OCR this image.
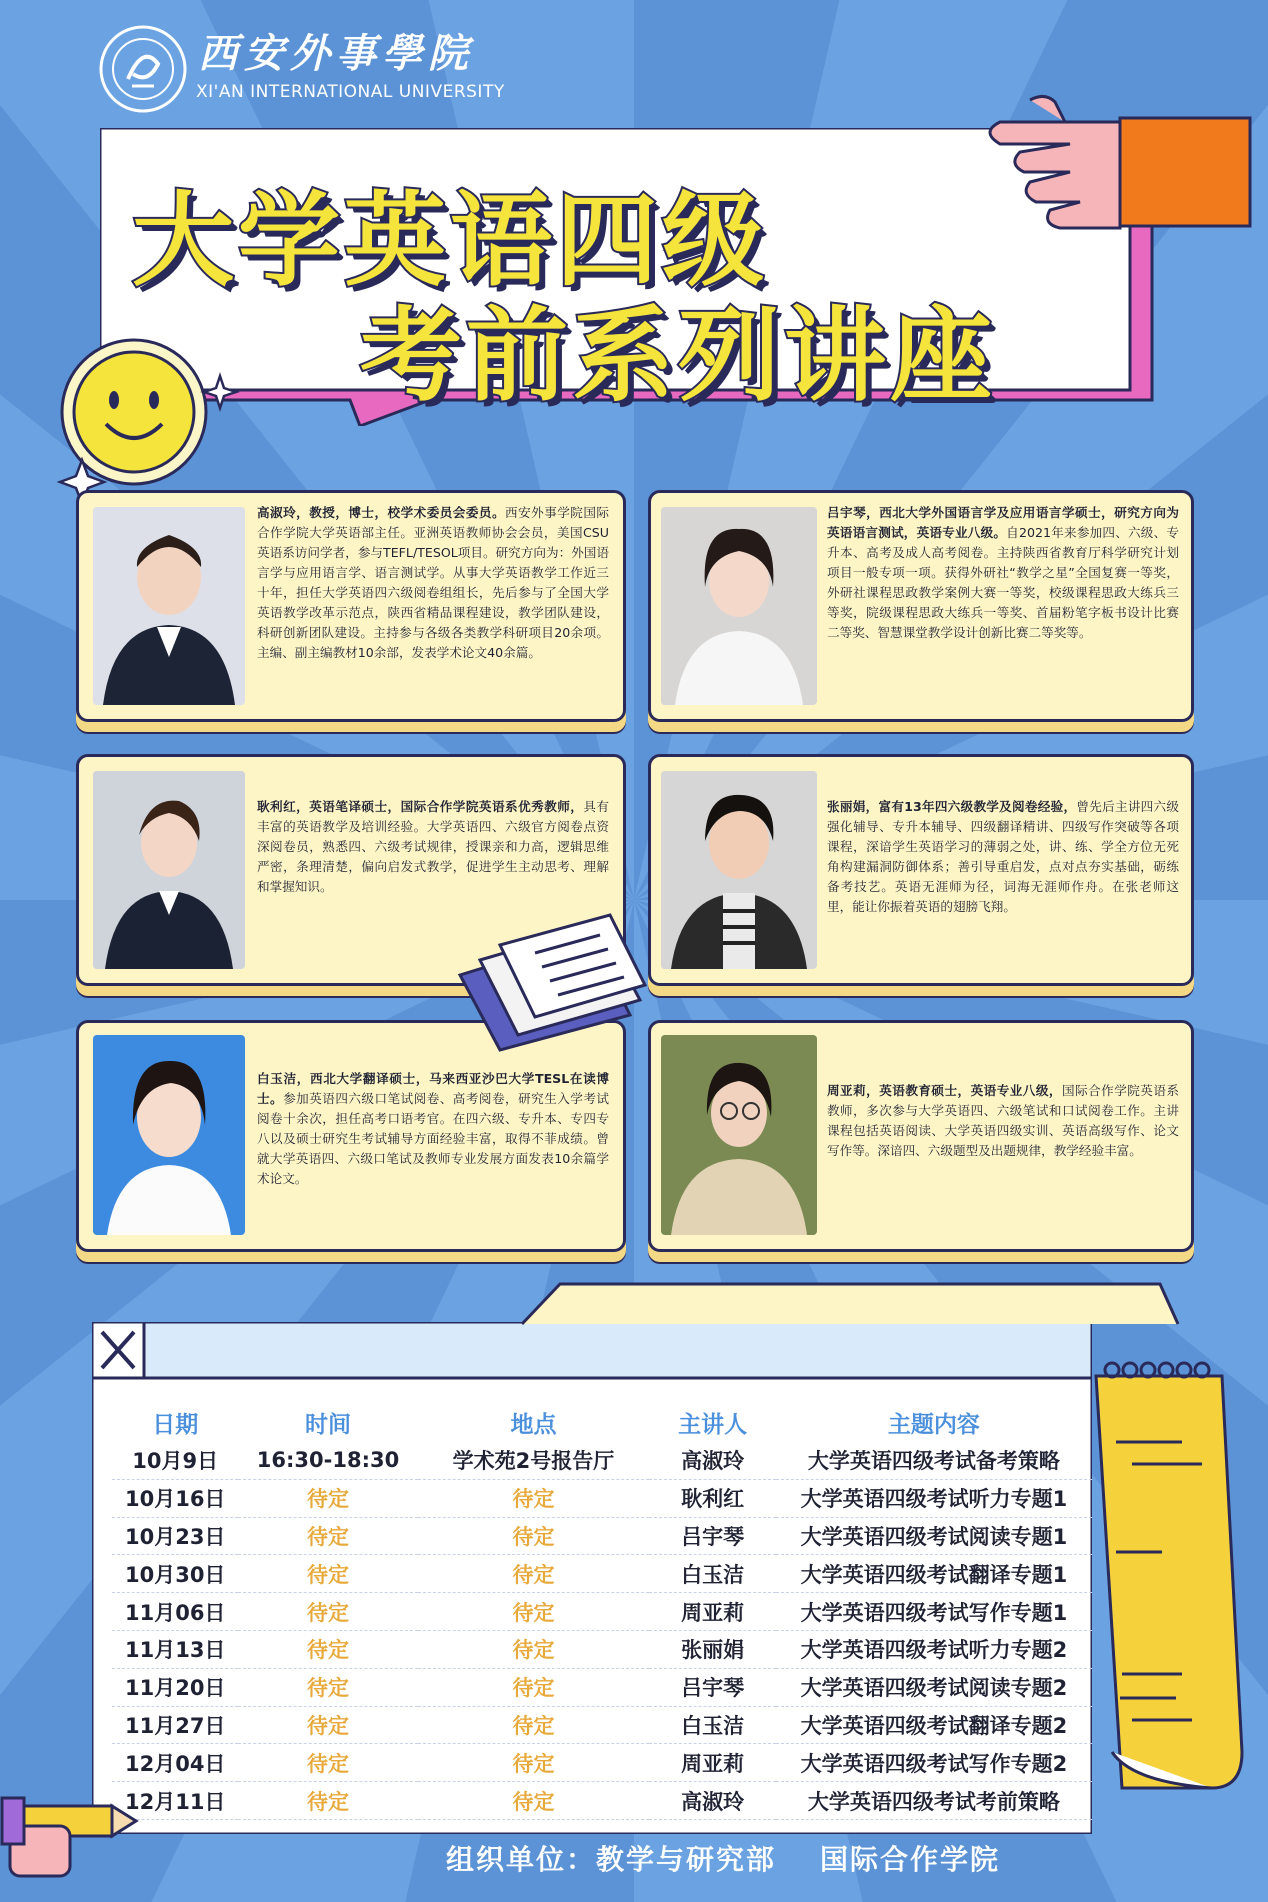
西安外事學院
XI'AN INTERNATIONAL UNIVERSITY
大学英语四级
考前系列讲座
高淑玲，教授，博士，校学术委员会委员。西安外事学院国际合作学院大学英语部主任。亚洲英语教师协会会员，美国CSU英语系访问学者，参与TEFL/TESOL项目。研究方向为：外国语言学与应用语言学、语言测试学。从事大学英语教学工作近三十年，担任大学英语四六级阅卷组组长，先后参与了全国大学英语教学改革示范点，陕西省精品课程建设，教学团队建设，科研创新团队建设。主持参与各级各类教学科研项目20余项。主编、副主编教材10余部，发表学术论文40余篇。
吕宇琴，西北大学外国语言学及应用语言学硕士，研究方向为英语语言测试，英语专业八级。自2021年来参加四、六级、专升本、高考及成人高考阅卷。主持陕西省教育厅科学研究计划项目一般专项一项。获得外研社“教学之星”全国复赛一等奖，外研社课程思政教学案例大赛一等奖，校级课程思政大练兵三等奖，院级课程思政大练兵一等奖、首届粉笔字板书设计比赛二等奖、智慧课堂教学设计创新比赛二等奖等。
耿利红，英语笔译硕士，国际合作学院英语系优秀教师，具有丰富的英语教学及培训经验。大学英语四、六级官方阅卷点资深阅卷员，熟悉四、六级考试规律，授课亲和力高，逻辑思维严密，条理清楚，偏向启发式教学，促进学生主动思考、理解和掌握知识。
张丽娟，富有13年四六级教学及阅卷经验，曾先后主讲四六级强化辅导、专升本辅导、四级翻译精讲、四级写作突破等各项课程，深谙学生英语学习的薄弱之处，讲、练、学全方位无死角构建漏洞防御体系；善引导重启发，点对点夯实基础，砺练备考技艺。英语无涯师为径，词海无涯师作舟。在张老师这里，能让你振着英语的翅膀飞翔。
白玉洁，西北大学翻译硕士，马来西亚沙巴大学TESL在读博士。参加英语四六级口笔试阅卷、高考阅卷，研究生入学考试阅卷十余次，担任高考口语考官。在四六级、专升本、专四专八以及硕士研究生考试辅导方面经验丰富，取得不菲成绩。曾就大学英语四、六级口笔试及教师专业发展方面发表10余篇学术论文。
周亚莉，英语教育硕士，英语专业八级，国际合作学院英语系教师，多次参与大学英语四、六级笔试和口试阅卷工作。主讲课程包括英语阅读、大学英语四级实训、英语高级写作、论文写作等。深谙四、六级题型及出题规律，教学经验丰富。
日期	时间	地点	主讲人	主题内容
10月9日	16:30-18:30	学术苑2号报告厅	高淑玲	大学英语四级考试备考策略
10月16日	待定	待定	耿利红	大学英语四级考试听力专题1
10月23日	待定	待定	吕宇琴	大学英语四级考试阅读专题1
10月30日	待定	待定	白玉洁	大学英语四级考试翻译专题1
11月06日	待定	待定	周亚莉	大学英语四级考试写作专题1
11月13日	待定	待定	张丽娟	大学英语四级考试听力专题2
11月20日	待定	待定	吕宇琴	大学英语四级考试阅读专题2
11月27日	待定	待定	白玉洁	大学英语四级考试翻译专题2
12月04日	待定	待定	周亚莉	大学英语四级考试写作专题2
12月11日	待定	待定	高淑玲	大学英语四级考试考前策略
组织单位：教学与研究部 国际合作学院
